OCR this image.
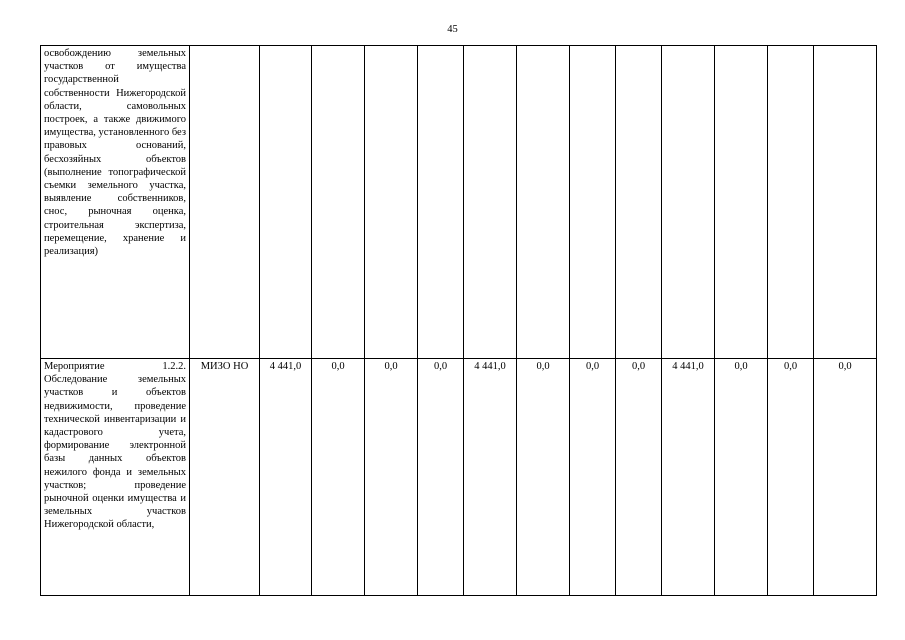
45
освобождению земельных участков от имущества государственной собственности Нижегородской области, самовольных построек, а также движимого имущества, установленного без правовых оснований, бесхозяйных объектов (выполнение топографической съемки земельного участка, выявление собственников, снос, рыночная оценка, строительная экспертиза, перемещение, хранение и реализация)													
Мероприятие 1.2.2. Обследование земельных участков и объектов недвижимости, проведение технической инвентаризации и кадастрового учета, формирование электронной базы данных объектов нежилого фонда и земельных участков; проведение рыночной оценки имущества и земельных участков Нижегородской области,	МИЗО НО	4 441,0	0,0	0,0	0,0	4 441,0	0,0	0,0	0,0	4 441,0	0,0	0,0	0,0
